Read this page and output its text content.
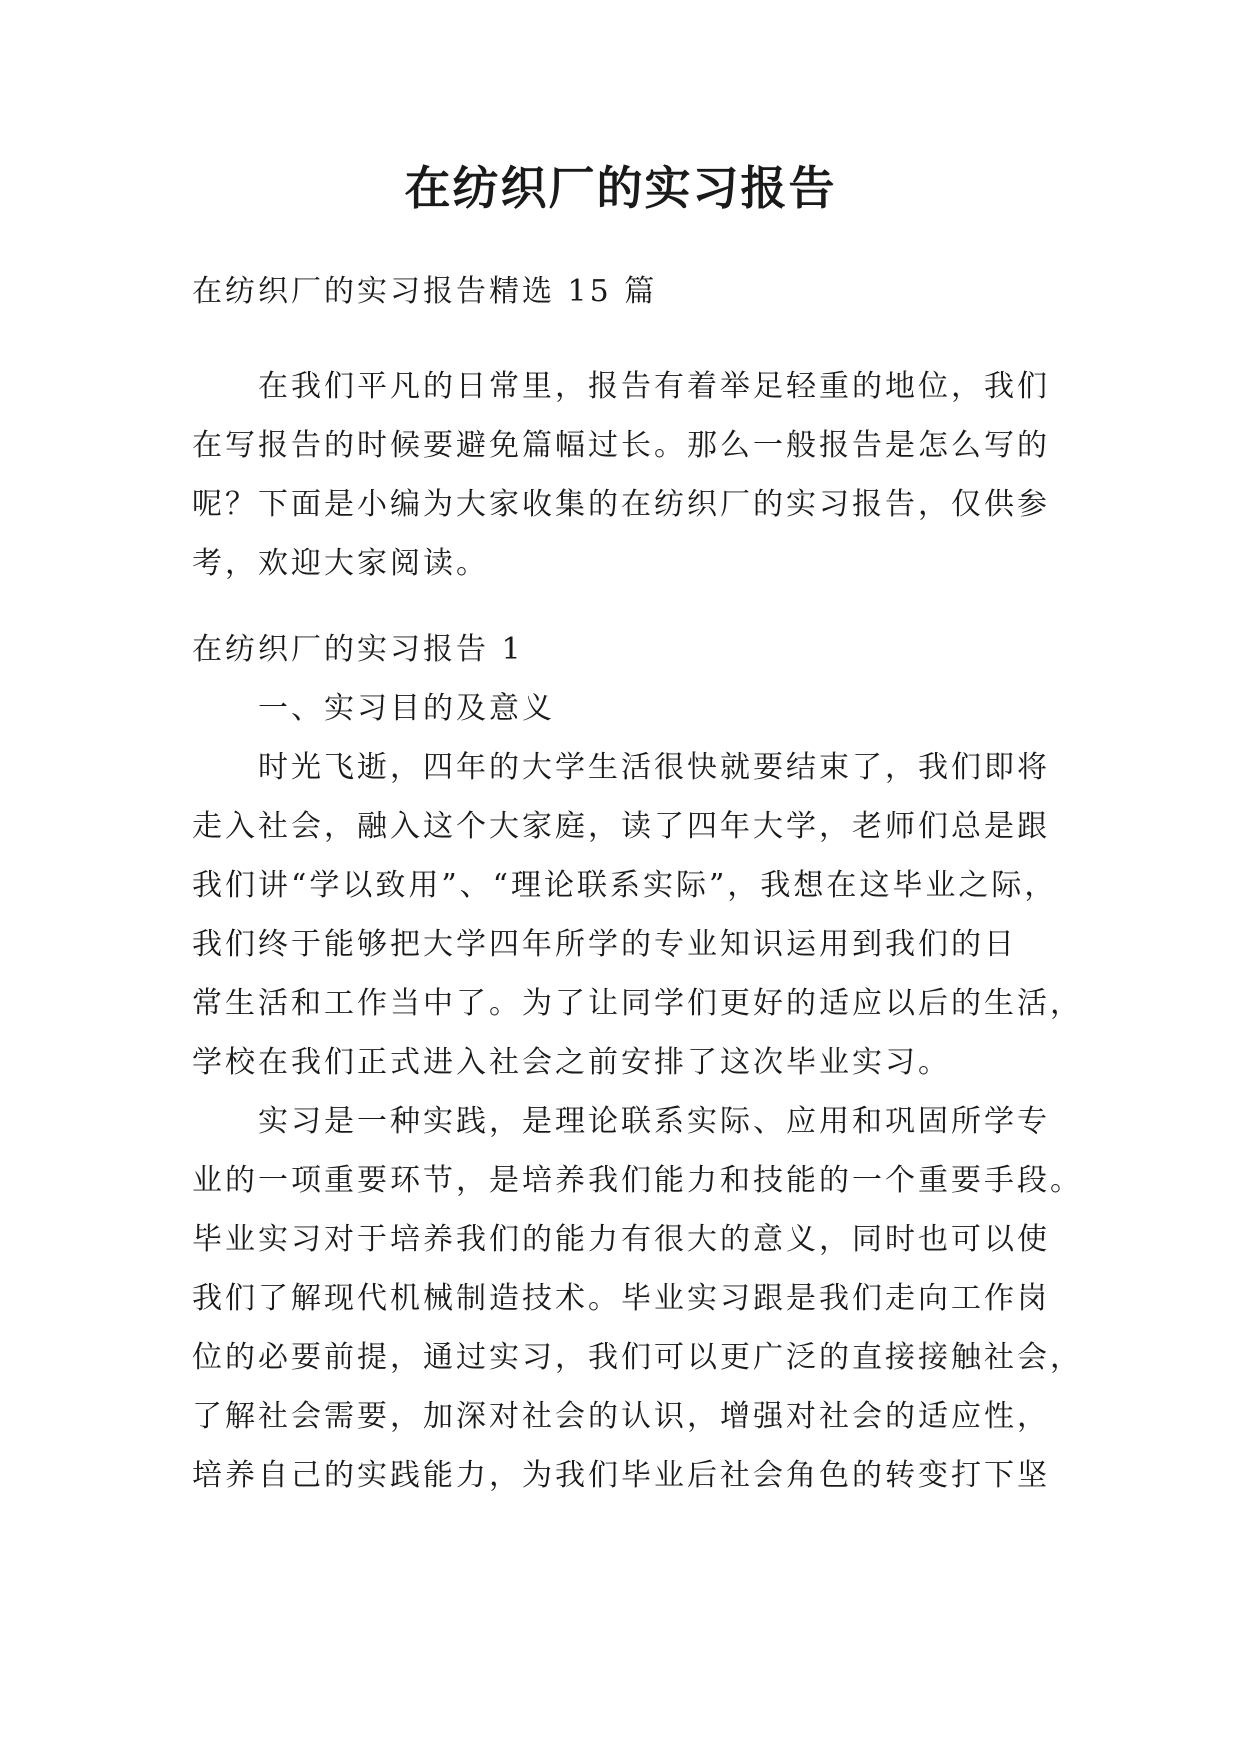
在纺织厂的实习报告
在纺织厂的实习报告精选 15 篇
在我们平凡的日常里，报告有着举足轻重的地位，我们
在写报告的时候要避免篇幅过长。那么一般报告是怎么写的
呢？下面是小编为大家收集的在纺织厂的实习报告，仅供参
考，欢迎大家阅读。
在纺织厂的实习报告 1
一、实习目的及意义
时光飞逝，四年的大学生活很快就要结束了，我们即将
走入社会，融入这个大家庭，读了四年大学，老师们总是跟
我们讲“学以致用”、“理论联系实际”，我想在这毕业之际，
我们终于能够把大学四年所学的专业知识运用到我们的日
常生活和工作当中了。为了让同学们更好的适应以后的生活，
学校在我们正式进入社会之前安排了这次毕业实习。
实习是一种实践，是理论联系实际、应用和巩固所学专
业的一项重要环节，是培养我们能力和技能的一个重要手段。
毕业实习对于培养我们的能力有很大的意义，同时也可以使
我们了解现代机械制造技术。毕业实习跟是我们走向工作岗
位的必要前提，通过实习，我们可以更广泛的直接接触社会，
了解社会需要，加深对社会的认识，增强对社会的适应性，
培养自己的实践能力，为我们毕业后社会角色的转变打下坚
